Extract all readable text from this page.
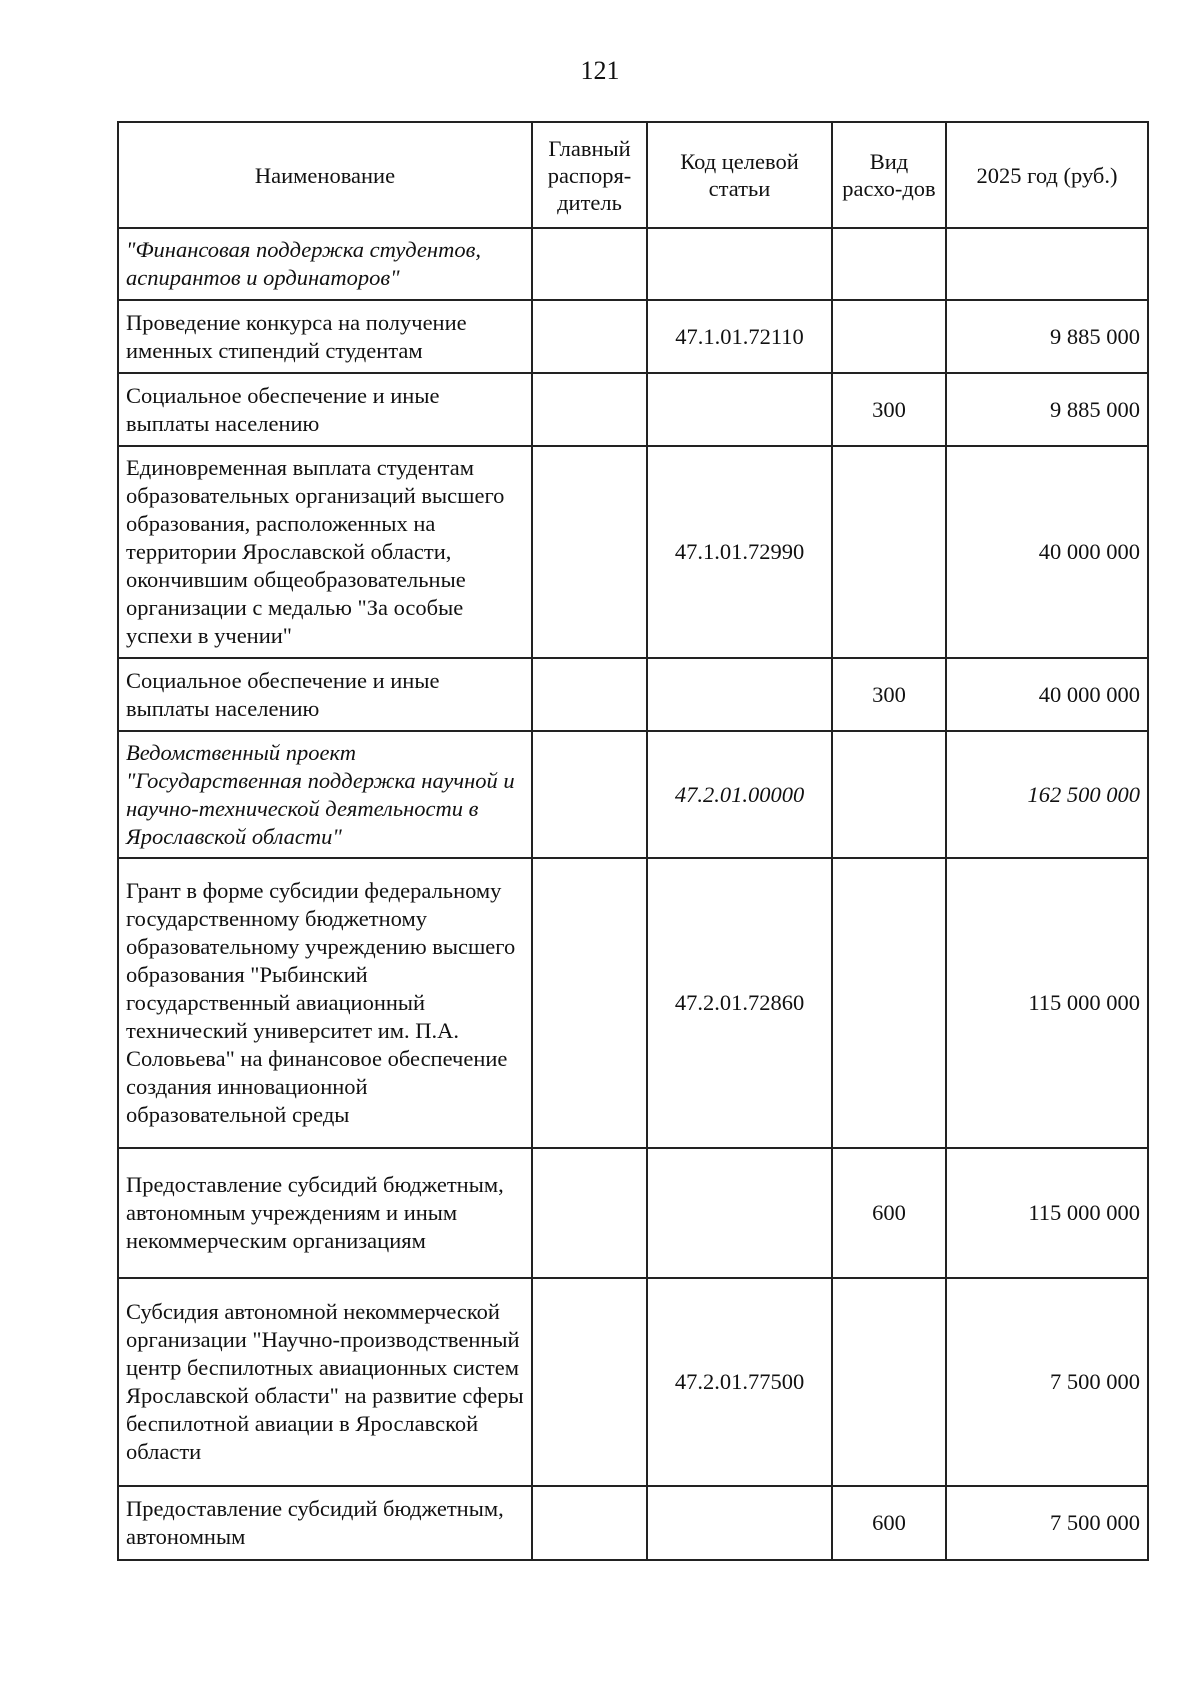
121
Наименование	Главный распоря-дитель	Код целевой статьи	Вид расхо-дов	2025 год (руб.)
"Финансовая поддержка студентов, аспирантов и ординаторов"				
Проведение конкурса на получение именных стипендий студентам		47.1.01.72110		9 885 000
Социальное обеспечение и иные выплаты населению			300	9 885 000
Единовременная выплата студентам образовательных организаций высшего образования, расположенных на территории Ярославской области, окончившим общеобразовательные организации с медалью "За особые успехи в учении"		47.1.01.72990		40 000 000
Социальное обеспечение и иные выплаты населению			300	40 000 000
Ведомственный проект "Государственная поддержка научной и научно-технической деятельности в Ярославской области"		47.2.01.00000		162 500 000
Грант в форме субсидии федеральному государственному бюджетному образовательному учреждению высшего образования "Рыбинский государственный авиационный технический университет им. П.А. Соловьева" на финансовое обеспечение создания инновационной образовательной среды		47.2.01.72860		115 000 000
Предоставление субсидий бюджетным, автономным учреждениям и иным некоммерческим организациям			600	115 000 000
Субсидия автономной некоммерческой организации "Научно-производственный центр беспилотных авиационных систем Ярославской области" на развитие сферы беспилотной авиации в Ярославской области		47.2.01.77500		7 500 000
Предоставление субсидий бюджетным, автономным			600	7 500 000
